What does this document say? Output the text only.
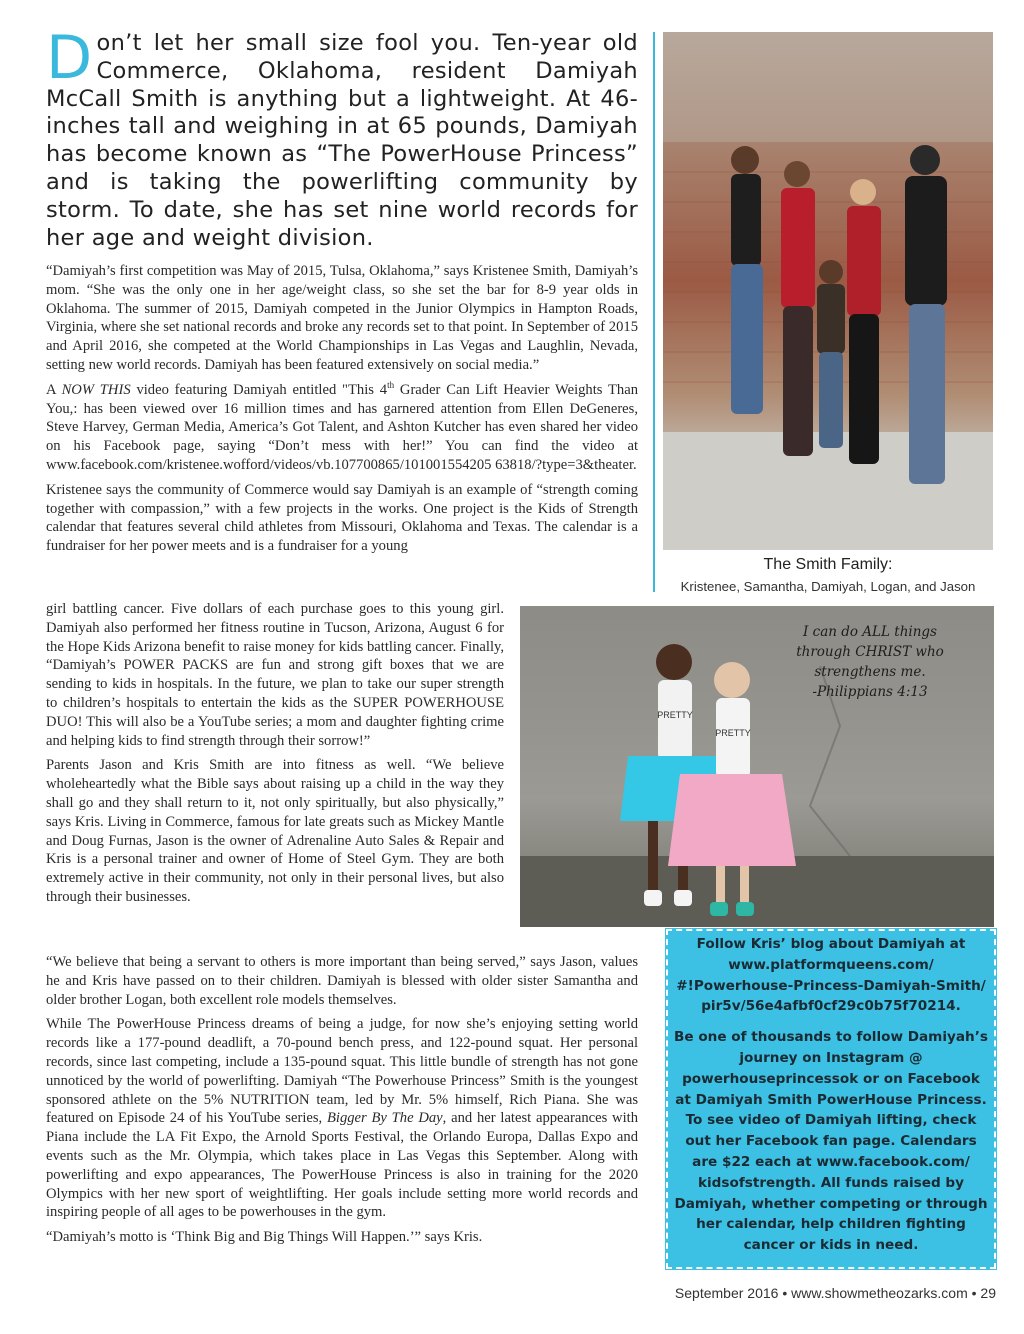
Don’t let her small size fool you. Ten-year old Commerce, Oklahoma, resident Damiyah McCall Smith is anything but a lightweight. At 46-inches tall and weighing in at 65 pounds, Damiyah has become known as “The PowerHouse Princess” and is taking the powerlifting community by storm. To date, she has set nine world records for her age and weight division.

“Damiyah’s first competition was May of 2015, Tulsa, Oklahoma,” says Kristenee Smith, Damiyah’s mom. “She was the only one in her age/weight class, so she set the bar for 8-9 year olds in Oklahoma. The summer of 2015, Damiyah competed in the Junior Olympics in Hampton Roads, Virginia, where she set national records and broke any records set to that point. In September of 2015 and April 2016, she competed at the World Championships in Las Vegas and Laughlin, Nevada, setting new world records. Damiyah has been featured extensively on social media.”

A NOW THIS video featuring Damiyah entitled "This 4th Grader Can Lift Heavier Weights Than You,: has been viewed over 16 million times and has garnered attention from Ellen DeGeneres, Steve Harvey, German Media, America’s Got Talent, and Ashton Kutcher has even shared her video on his Facebook page, saying “Don’t mess with her!” You can find the video at www.facebook.com/kristenee.wofford/videos/vb.107700865/101001554205 63818/?type=3&theater.

Kristenee says the community of Commerce would say Damiyah is an example of “strength coming together with compassion,” with a few projects in the works. One project is the Kids of Strength calendar that features several child athletes from Missouri, Oklahoma and Texas. The calendar is a fundraiser for her power meets and is a fundraiser for a young

girl battling cancer. Five dollars of each purchase goes to this young girl. Damiyah also performed her fitness routine in Tucson, Arizona, August 6 for the Hope Kids Arizona benefit to raise money for kids battling cancer. Finally, “Damiyah’s POWER PACKS are fun and strong gift boxes that we are sending to kids in hospitals. In the future, we plan to take our super strength to children’s hospitals to entertain the kids as the SUPER POWERHOUSE DUO! This will also be a YouTube series; a mom and daughter fighting crime and helping kids to find strength through their sorrow!”

Parents Jason and Kris Smith are into fitness as well. “We believe wholeheartedly what the Bible says about raising up a child in the way they shall go and they shall return to it, not only spiritually, but also physically,” says Kris. Living in Commerce, famous for late greats such as Mickey Mantle and Doug Furnas, Jason is the owner of Adrenaline Auto Sales & Repair and Kris is a personal trainer and owner of Home of Steel Gym. They are both extremely active in their community, not only in their personal lives, but also through their businesses.

“We believe that being a servant to others is more important than being served,” says Jason, values he and Kris have passed on to their children. Damiyah is blessed with older sister Samantha and older brother Logan, both excellent role models themselves.

While The PowerHouse Princess dreams of being a judge, for now she’s enjoying setting world records like a 177-pound deadlift, a 70-pound bench press, and 122-pound squat. Her personal records, since last competing, include a 135-pound squat. This little bundle of strength has not gone unnoticed by the world of powerlifting. Damiyah “The Powerhouse Princess” Smith is the youngest sponsored athlete on the 5% NUTRITION team, led by Mr. 5% himself, Rich Piana. She was featured on Episode 24 of his YouTube series, Bigger By The Day, and her latest appearances with Piana include the LA Fit Expo, the Arnold Sports Festival, the Orlando Europa, Dallas Expo and events such as the Mr. Olympia, which takes place in Las Vegas this September. Along with powerlifting and expo appearances, The PowerHouse Princess is also in training for the 2020 Olympics with her new sport of weightlifting. Her goals include setting more world records and inspiring people of all ages to be powerhouses in the gym.

“Damiyah’s motto is ‘Think Big and Big Things Will Happen.’” says Kris.

The Smith Family:
Kristenee, Samantha, Damiyah, Logan, and Jason
PRETTY
PRETTY
I can do ALL things
through CHRIST who
strengthens me.
-Philippians 4:13

Follow Kris’ blog about Damiyah at www.platformqueens.com/ #!Powerhouse-Princess-Damiyah-Smith/ pir5v/56e4afbf0cf29c0b75f70214.

Be one of thousands to follow Damiyah’s journey on Instagram @ powerhouseprincessok or on Facebook at Damiyah Smith PowerHouse Princess. To see video of Damiyah lifting, check out her Facebook fan page. Calendars are $22 each at www.facebook.com/ kidsofstrength. All funds raised by Damiyah, whether competing or through her calendar, help children fighting cancer or kids in need.

September 2016 • www.showmetheozarks.com • 29
